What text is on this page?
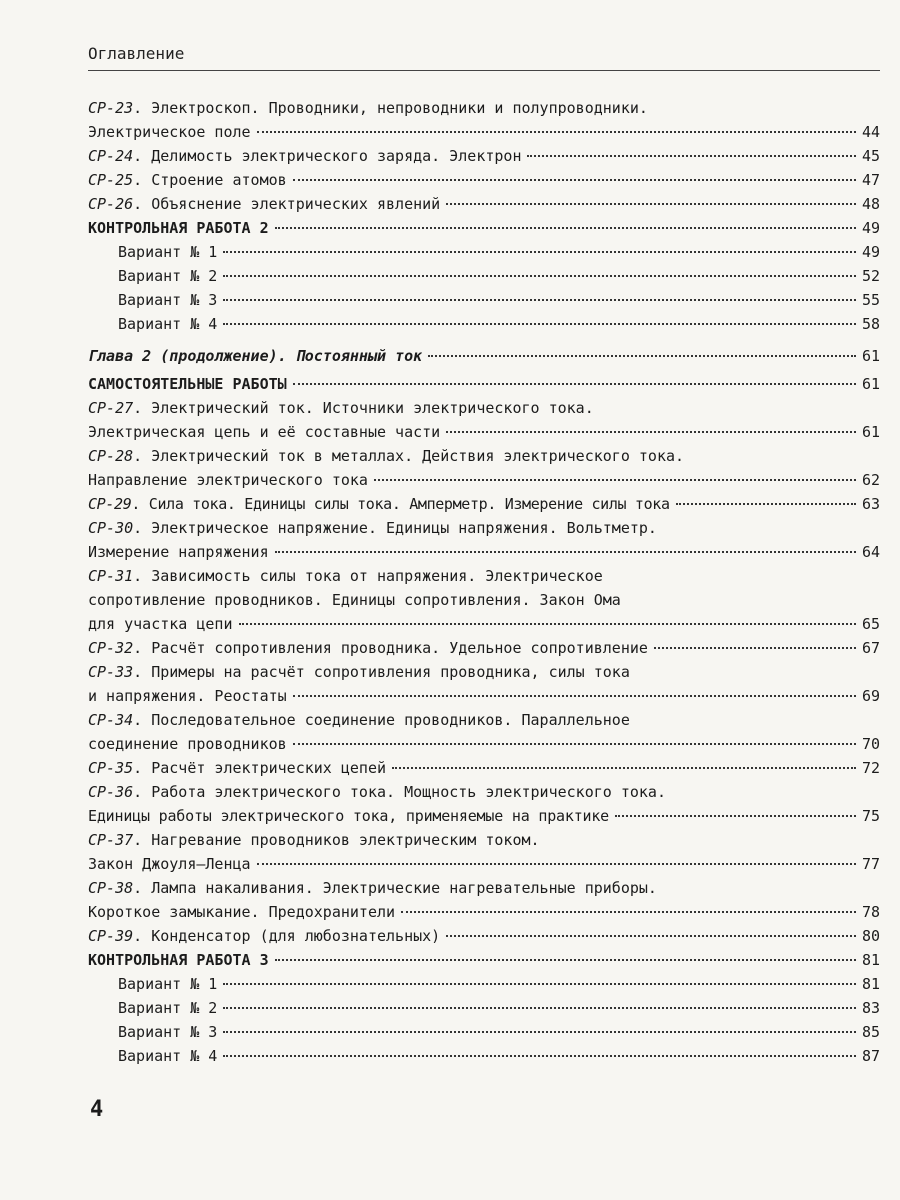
Оглавление
СР-23. Электроскоп. Проводники, непроводники и полупроводники.
Электрическое поле	44
СР-24. Делимость электрического заряда. Электрон	45
СР-25. Строение атомов	47
СР-26. Объяснение электрических явлений	48
КОНТРОЛЬНАЯ РАБОТА 2	49
Вариант № 1	49
Вариант № 2	52
Вариант № 3	55
Вариант № 4	58
Глава 2 (продолжение). Постоянный ток	61
САМОСТОЯТЕЛЬНЫЕ РАБОТЫ	61
СР-27. Электрический ток. Источники электрического тока.
Электрическая цепь и её составные части	61
СР-28. Электрический ток в металлах. Действия электрического тока.
Направление электрического тока	62
СР-29. Сила тока. Единицы силы тока. Амперметр. Измерение силы тока	63
СР-30. Электрическое напряжение. Единицы напряжения. Вольтметр.
Измерение напряжения	64
СР-31. Зависимость силы тока от напряжения. Электрическое
сопротивление проводников. Единицы сопротивления. Закон Ома
для участка цепи	65
СР-32. Расчёт сопротивления проводника. Удельное сопротивление	67
СР-33. Примеры на расчёт сопротивления проводника, силы тока
и напряжения. Реостаты	69
СР-34. Последовательное соединение проводников. Параллельное
соединение проводников	70
СР-35. Расчёт электрических цепей	72
СР-36. Работа электрического тока. Мощность электрического тока.
Единицы работы электрического тока, применяемые на практике	75
СР-37. Нагревание проводников электрическим током.
Закон Джоуля–Ленца	77
СР-38. Лампа накаливания. Электрические нагревательные приборы.
Короткое замыкание. Предохранители	78
СР-39. Конденсатор (для любознательных)	80
КОНТРОЛЬНАЯ РАБОТА 3	81
Вариант № 1	81
Вариант № 2	83
Вариант № 3	85
Вариант № 4	87
4
